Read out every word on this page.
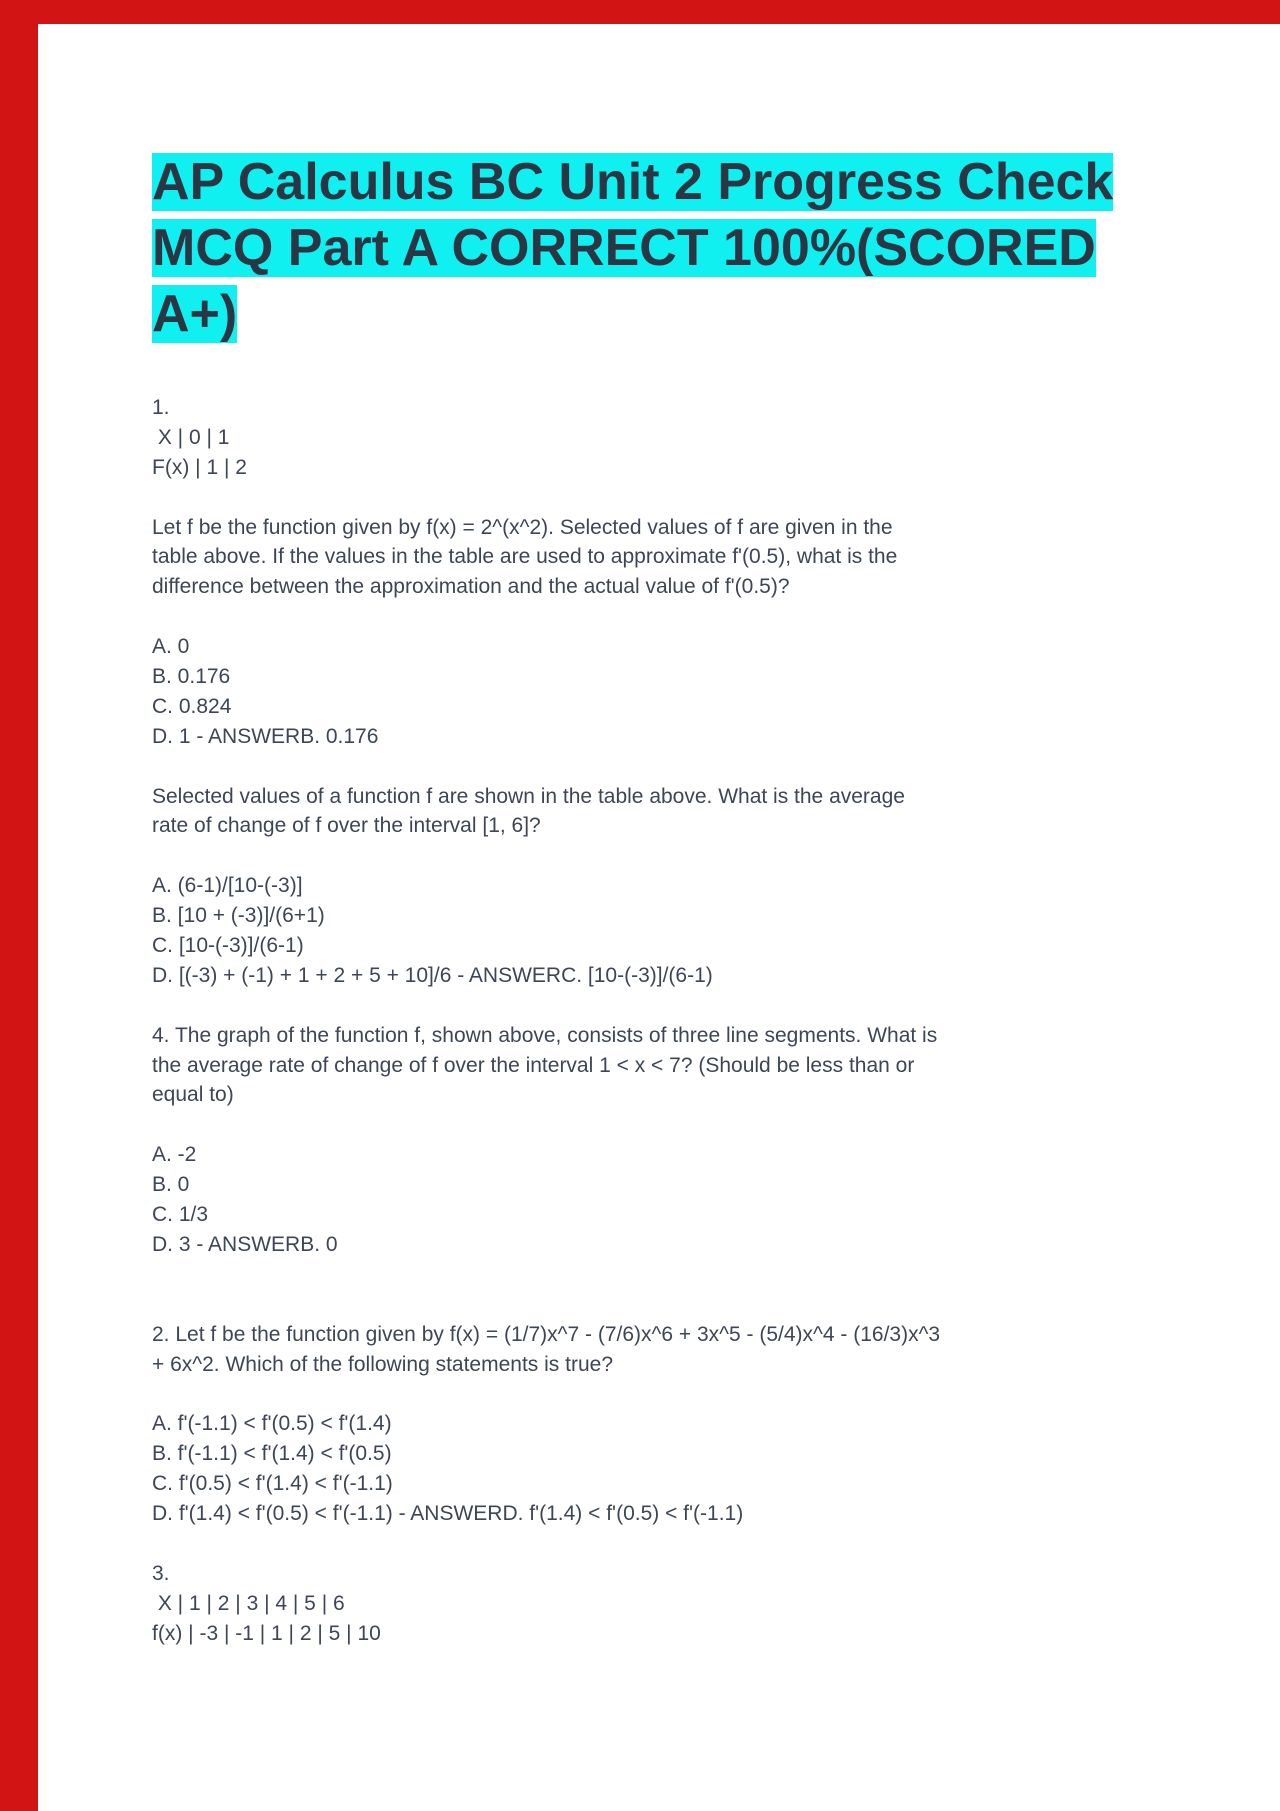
AP Calculus BC Unit 2 Progress Check
MCQ Part A CORRECT 100%(SCORED
A+)
1.
X | 0 | 1
F(x) | 1 | 2
Let f be the function given by f(x) = 2^(x^2). Selected values of f are given in the
table above. If the values in the table are used to approximate f'(0.5), what is the
difference between the approximation and the actual value of f'(0.5)?
A. 0
B. 0.176
C. 0.824
D. 1 - ANSWERB. 0.176
Selected values of a function f are shown in the table above. What is the average
rate of change of f over the interval [1, 6]?
A. (6-1)/[10-(-3)]
B. [10 + (-3)]/(6+1)
C. [10-(-3)]/(6-1)
D. [(-3) + (-1) + 1 + 2 + 5 + 10]/6 - ANSWERC. [10-(-3)]/(6-1)
4. The graph of the function f, shown above, consists of three line segments. What is
the average rate of change of f over the interval 1 < x < 7? (Should be less than or
equal to)
A. -2
B. 0
C. 1/3
D. 3 - ANSWERB. 0
2. Let f be the function given by f(x) = (1/7)x^7 - (7/6)x^6 + 3x^5 - (5/4)x^4 - (16/3)x^3
+ 6x^2. Which of the following statements is true?
A. f'(-1.1) < f'(0.5) < f'(1.4)
B. f'(-1.1) < f'(1.4) < f'(0.5)
C. f'(0.5) < f'(1.4) < f'(-1.1)
D. f'(1.4) < f'(0.5) < f'(-1.1) - ANSWERD. f'(1.4) < f'(0.5) < f'(-1.1)
3.
X | 1 | 2 | 3 | 4 | 5 | 6
f(x) | -3 | -1 | 1 | 2 | 5 | 10
